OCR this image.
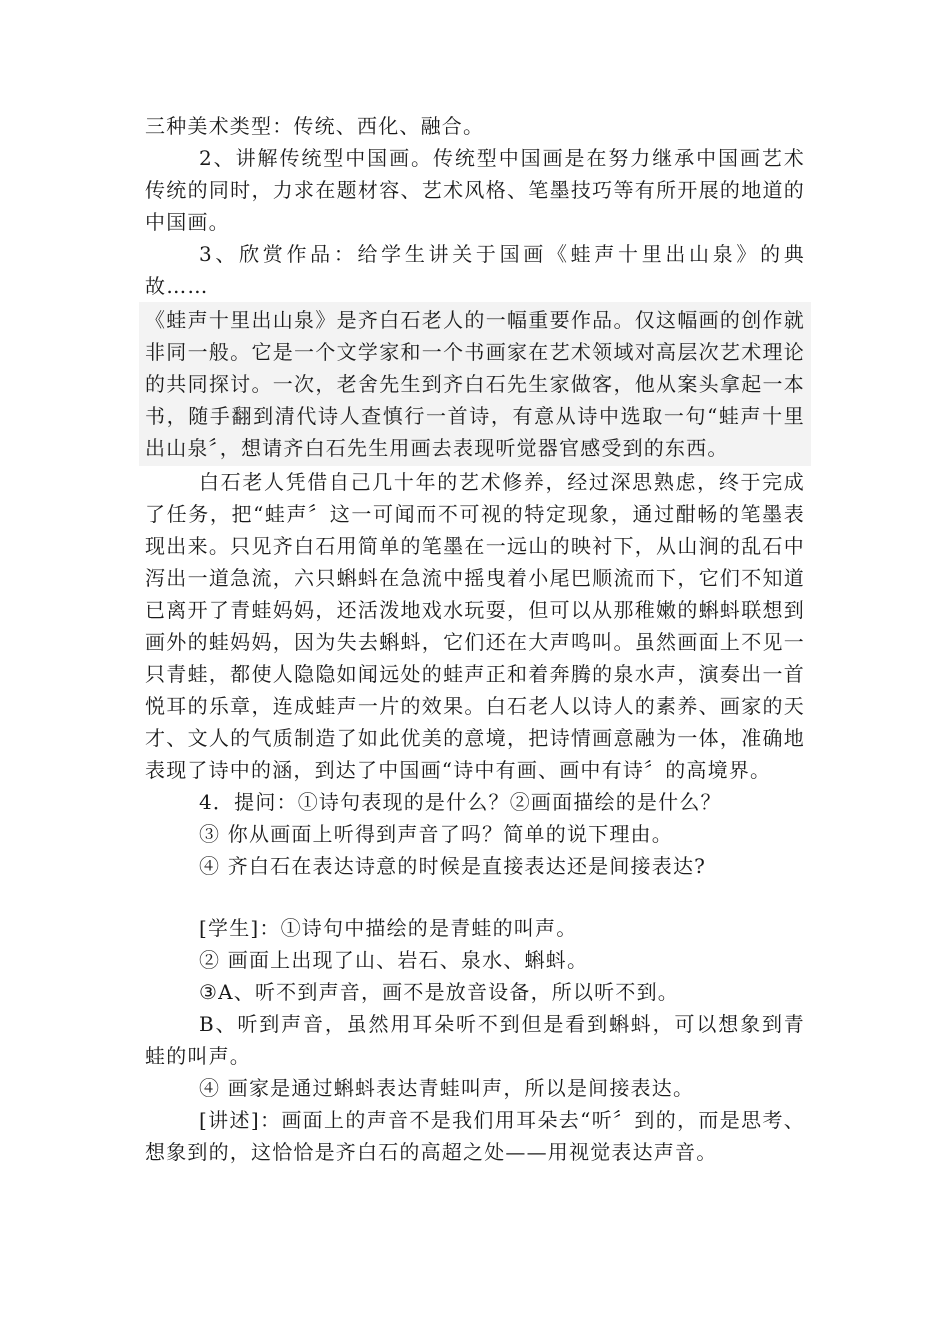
三种美术类型：传统、西化、融合。

2、讲解传统型中国画。传统型中国画是在努力继承中国画艺术传统的同时，力求在题材容、艺术风格、笔墨技巧等有所开展的地道的中国画。

3、欣赏作品：给学生讲关于国画《蛙声十里出山泉》的典故……

《蛙声十里出山泉》是齐白石老人的一幅重要作品。仅这幅画的创作就非同一般。它是一个文学家和一个书画家在艺术领域对高层次艺术理论的共同探讨。一次，老舍先生到齐白石先生家做客，他从案头拿起一本书，随手翻到清代诗人查慎行一首诗，有意从诗中选取一句“蛙声十里出山泉〞，想请齐白石先生用画去表现听觉器官感受到的东西。

白石老人凭借自己几十年的艺术修养，经过深思熟虑，终于完成了任务，把“蛙声〞这一可闻而不可视的特定现象，通过酣畅的笔墨表现出来。只见齐白石用简单的笔墨在一远山的映衬下，从山涧的乱石中泻出一道急流，六只蝌蚪在急流中摇曳着小尾巴顺流而下，它们不知道已离开了青蛙妈妈，还活泼地戏水玩耍，但可以从那稚嫩的蝌蚪联想到画外的蛙妈妈，因为失去蝌蚪，它们还在大声鸣叫。虽然画面上不见一只青蛙，都使人隐隐如闻远处的蛙声正和着奔腾的泉水声，演奏出一首悦耳的乐章，连成蛙声一片的效果。白石老人以诗人的素养、画家的天才、文人的气质制造了如此优美的意境，把诗情画意融为一体，准确地表现了诗中的涵，到达了中国画“诗中有画、画中有诗〞的高境界。

4．提问：①诗句表现的是什么？②画面描绘的是什么？

③ 你从画面上听得到声音了吗？简单的说下理由。

④ 齐白石在表达诗意的时候是直接表达还是间接表达?

[学生]：①诗句中描绘的是青蛙的叫声。

② 画面上出现了山、岩石、泉水、蝌蚪。

③A、听不到声音，画不是放音设备，所以听不到。

B、听到声音，虽然用耳朵听不到但是看到蝌蚪，可以想象到青蛙的叫声。

④ 画家是通过蝌蚪表达青蛙叫声，所以是间接表达。

[讲述]：画面上的声音不是我们用耳朵去“听〞到的，而是思考、想象到的，这恰恰是齐白石的高超之处——用视觉表达声音。
